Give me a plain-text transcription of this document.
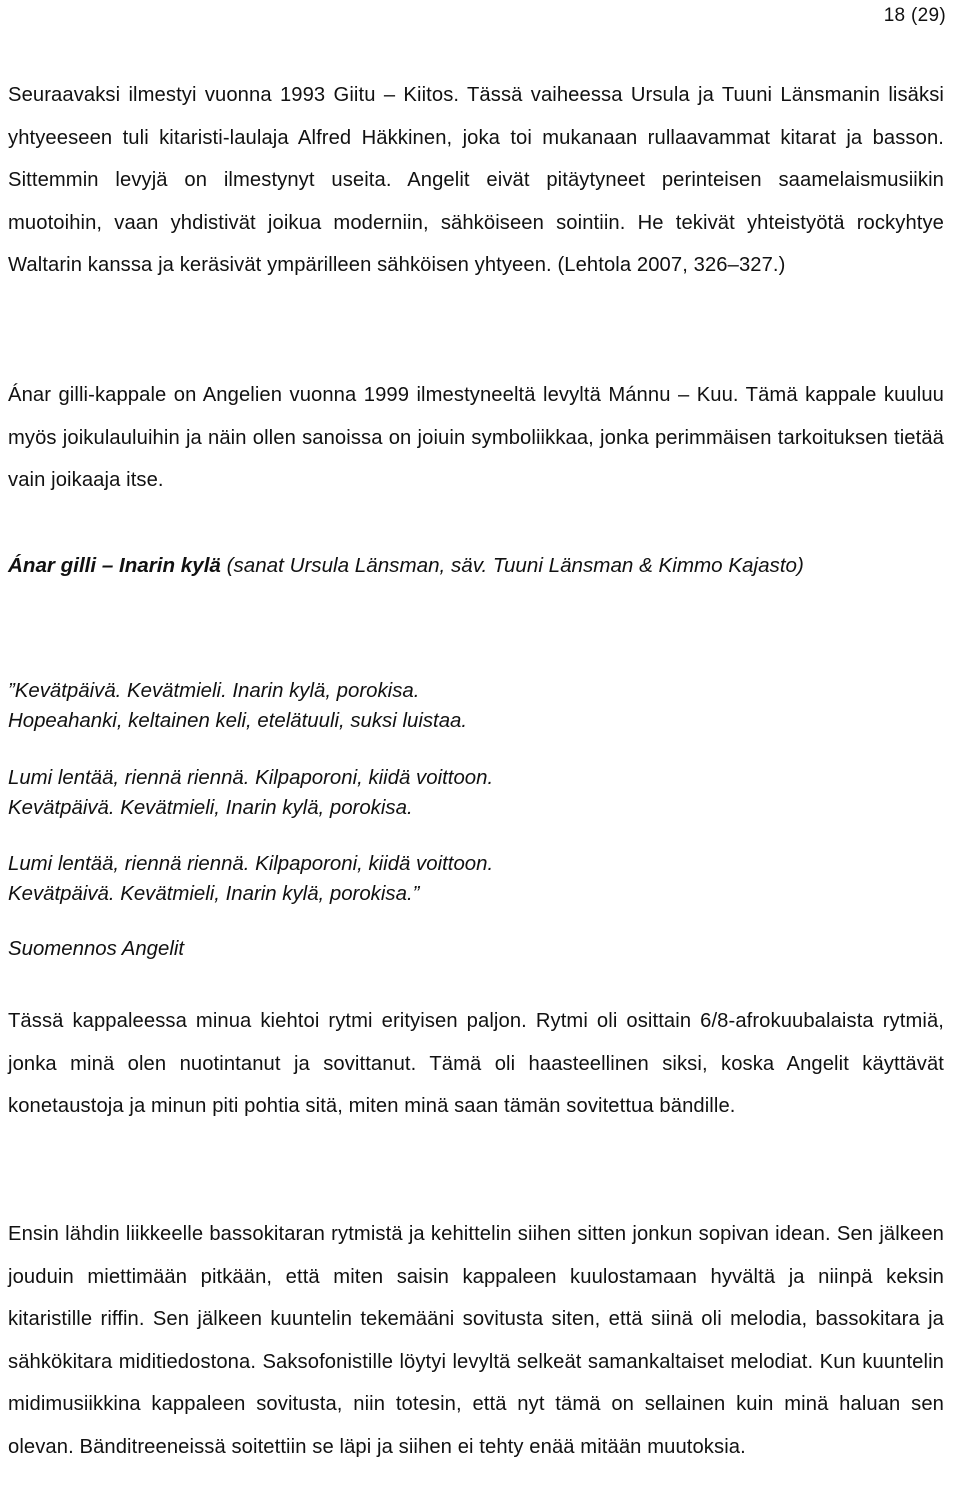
18 (29)

Seuraavaksi ilmestyi vuonna 1993 Giitu – Kiitos. Tässä vaiheessa Ursula ja Tuuni Länsmanin lisäksi yhtyeeseen tuli kitaristi-laulaja Alfred Häkkinen, joka toi mukanaan rullaavammat kitarat ja basson. Sittemmin levyjä on ilmestynyt useita. Angelit eivät pitäytyneet perinteisen saamelaismusiikin muotoihin, vaan yhdistivät joikua moderniin, sähköiseen sointiin. He tekivät yhteistyötä rockyhtye Waltarin kanssa ja keräsivät ympärilleen sähköisen yhtyeen. (Lehtola 2007, 326–327.)

Ánar gilli-kappale on Angelien vuonna 1999 ilmestyneeltä levyltä Mánnu – Kuu. Tämä kappale kuuluu myös joikulauluihin ja näin ollen sanoissa on joiuin symboliikkaa, jonka perimmäisen tarkoituksen tietää vain joikaaja itse.

Ánar gilli – Inarin kylä (sanat Ursula Länsman, säv. Tuuni Länsman & Kimmo Kajasto)

”Kevätpäivä. Kevätmieli. Inarin kylä, porokisa.
Hopeahanki, keltainen keli, etelätuuli, suksi luistaa.
Lumi lentää, riennä riennä. Kilpaporoni, kiidä voittoon.
Kevätpäivä. Kevätmieli, Inarin kylä, porokisa.
Lumi lentää, riennä riennä. Kilpaporoni, kiidä voittoon.
Kevätpäivä. Kevätmieli, Inarin kylä, porokisa.”

Suomennos Angelit

Tässä kappaleessa minua kiehtoi rytmi erityisen paljon. Rytmi oli osittain 6/8-afrokuubalaista rytmiä, jonka minä olen nuotintanut ja sovittanut. Tämä oli haasteellinen siksi, koska Angelit käyttävät konetaustoja ja minun piti pohtia sitä, miten minä saan tämän sovitettua bändille.

Ensin lähdin liikkeelle bassokitaran rytmistä ja kehittelin siihen sitten jonkun sopivan idean. Sen jälkeen jouduin miettimään pitkään, että miten saisin kappaleen kuulostamaan hyvältä ja niinpä keksin kitaristille riffin. Sen jälkeen kuuntelin tekemääni sovitusta siten, että siinä oli melodia, bassokitara ja sähkökitara miditiedostona. Saksofonistille löytyi levyltä selkeät samankaltaiset melodiat. Kun kuuntelin midimusiikkina kappaleen sovitusta, niin totesin, että nyt tämä on sellainen kuin minä haluan sen olevan. Bänditreeneissä soitettiin se läpi ja siihen ei tehty enää mitään muutoksia.
